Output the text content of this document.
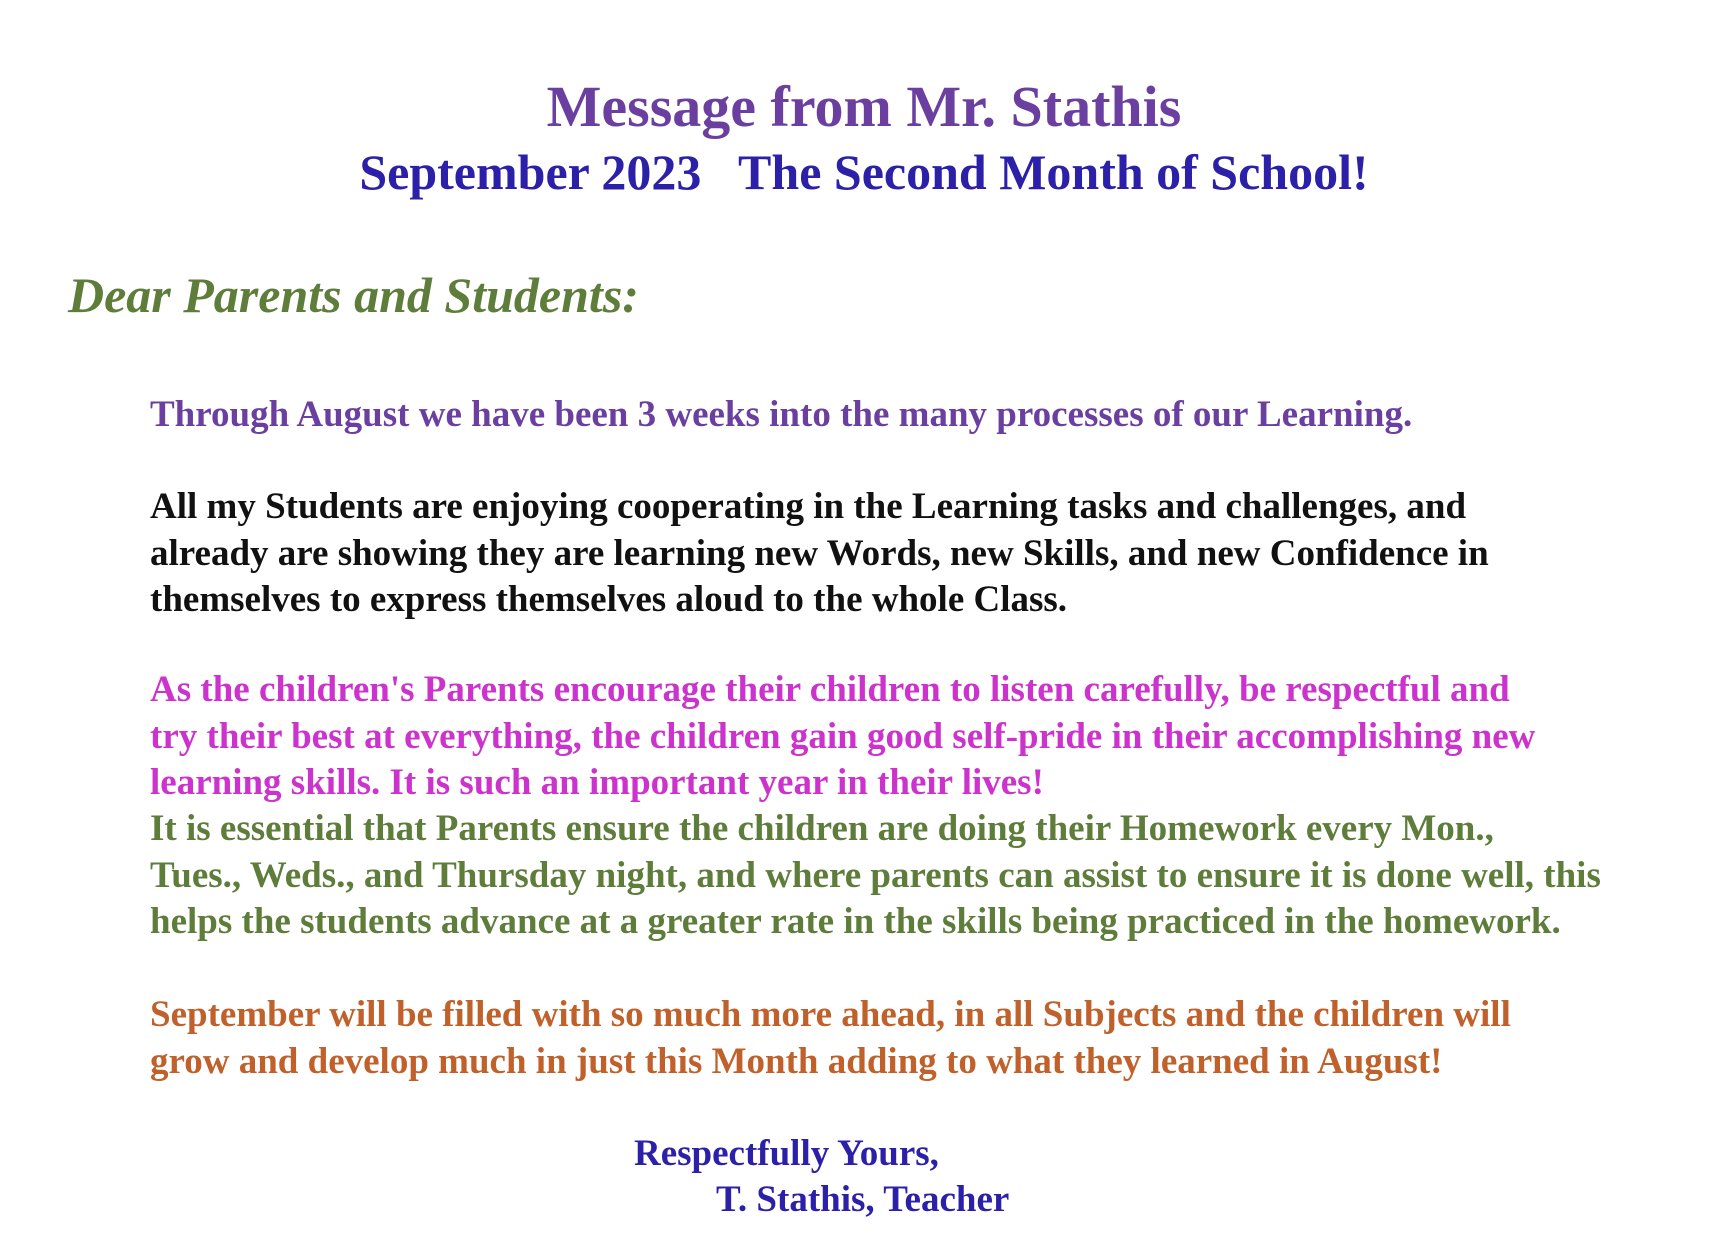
Message from Mr. Stathis
September 2023   The Second Month of School!
Dear Parents and Students:

Through August we have been 3 weeks into the many processes of our Learning.

All my Students are enjoying cooperating in the Learning tasks and challenges, and
already are showing they are learning new Words, new Skills, and new Confidence in
themselves to express themselves aloud to the whole Class.

As the children's Parents encourage their children to listen carefully, be respectful and
try their best at everything, the children gain good self-pride in their accomplishing new
learning skills. It is such an important year in their lives!

It is essential that Parents ensure the children are doing their Homework every Mon.,
Tues., Weds., and Thursday night, and where parents can assist to ensure it is done well, this
helps the students advance at a greater rate in the skills being practiced in the homework.

September will be filled with so much more ahead, in all Subjects and the children will
grow and develop much in just this Month adding to what they learned in August!

Respectfully Yours,
T. Stathis, Teacher
